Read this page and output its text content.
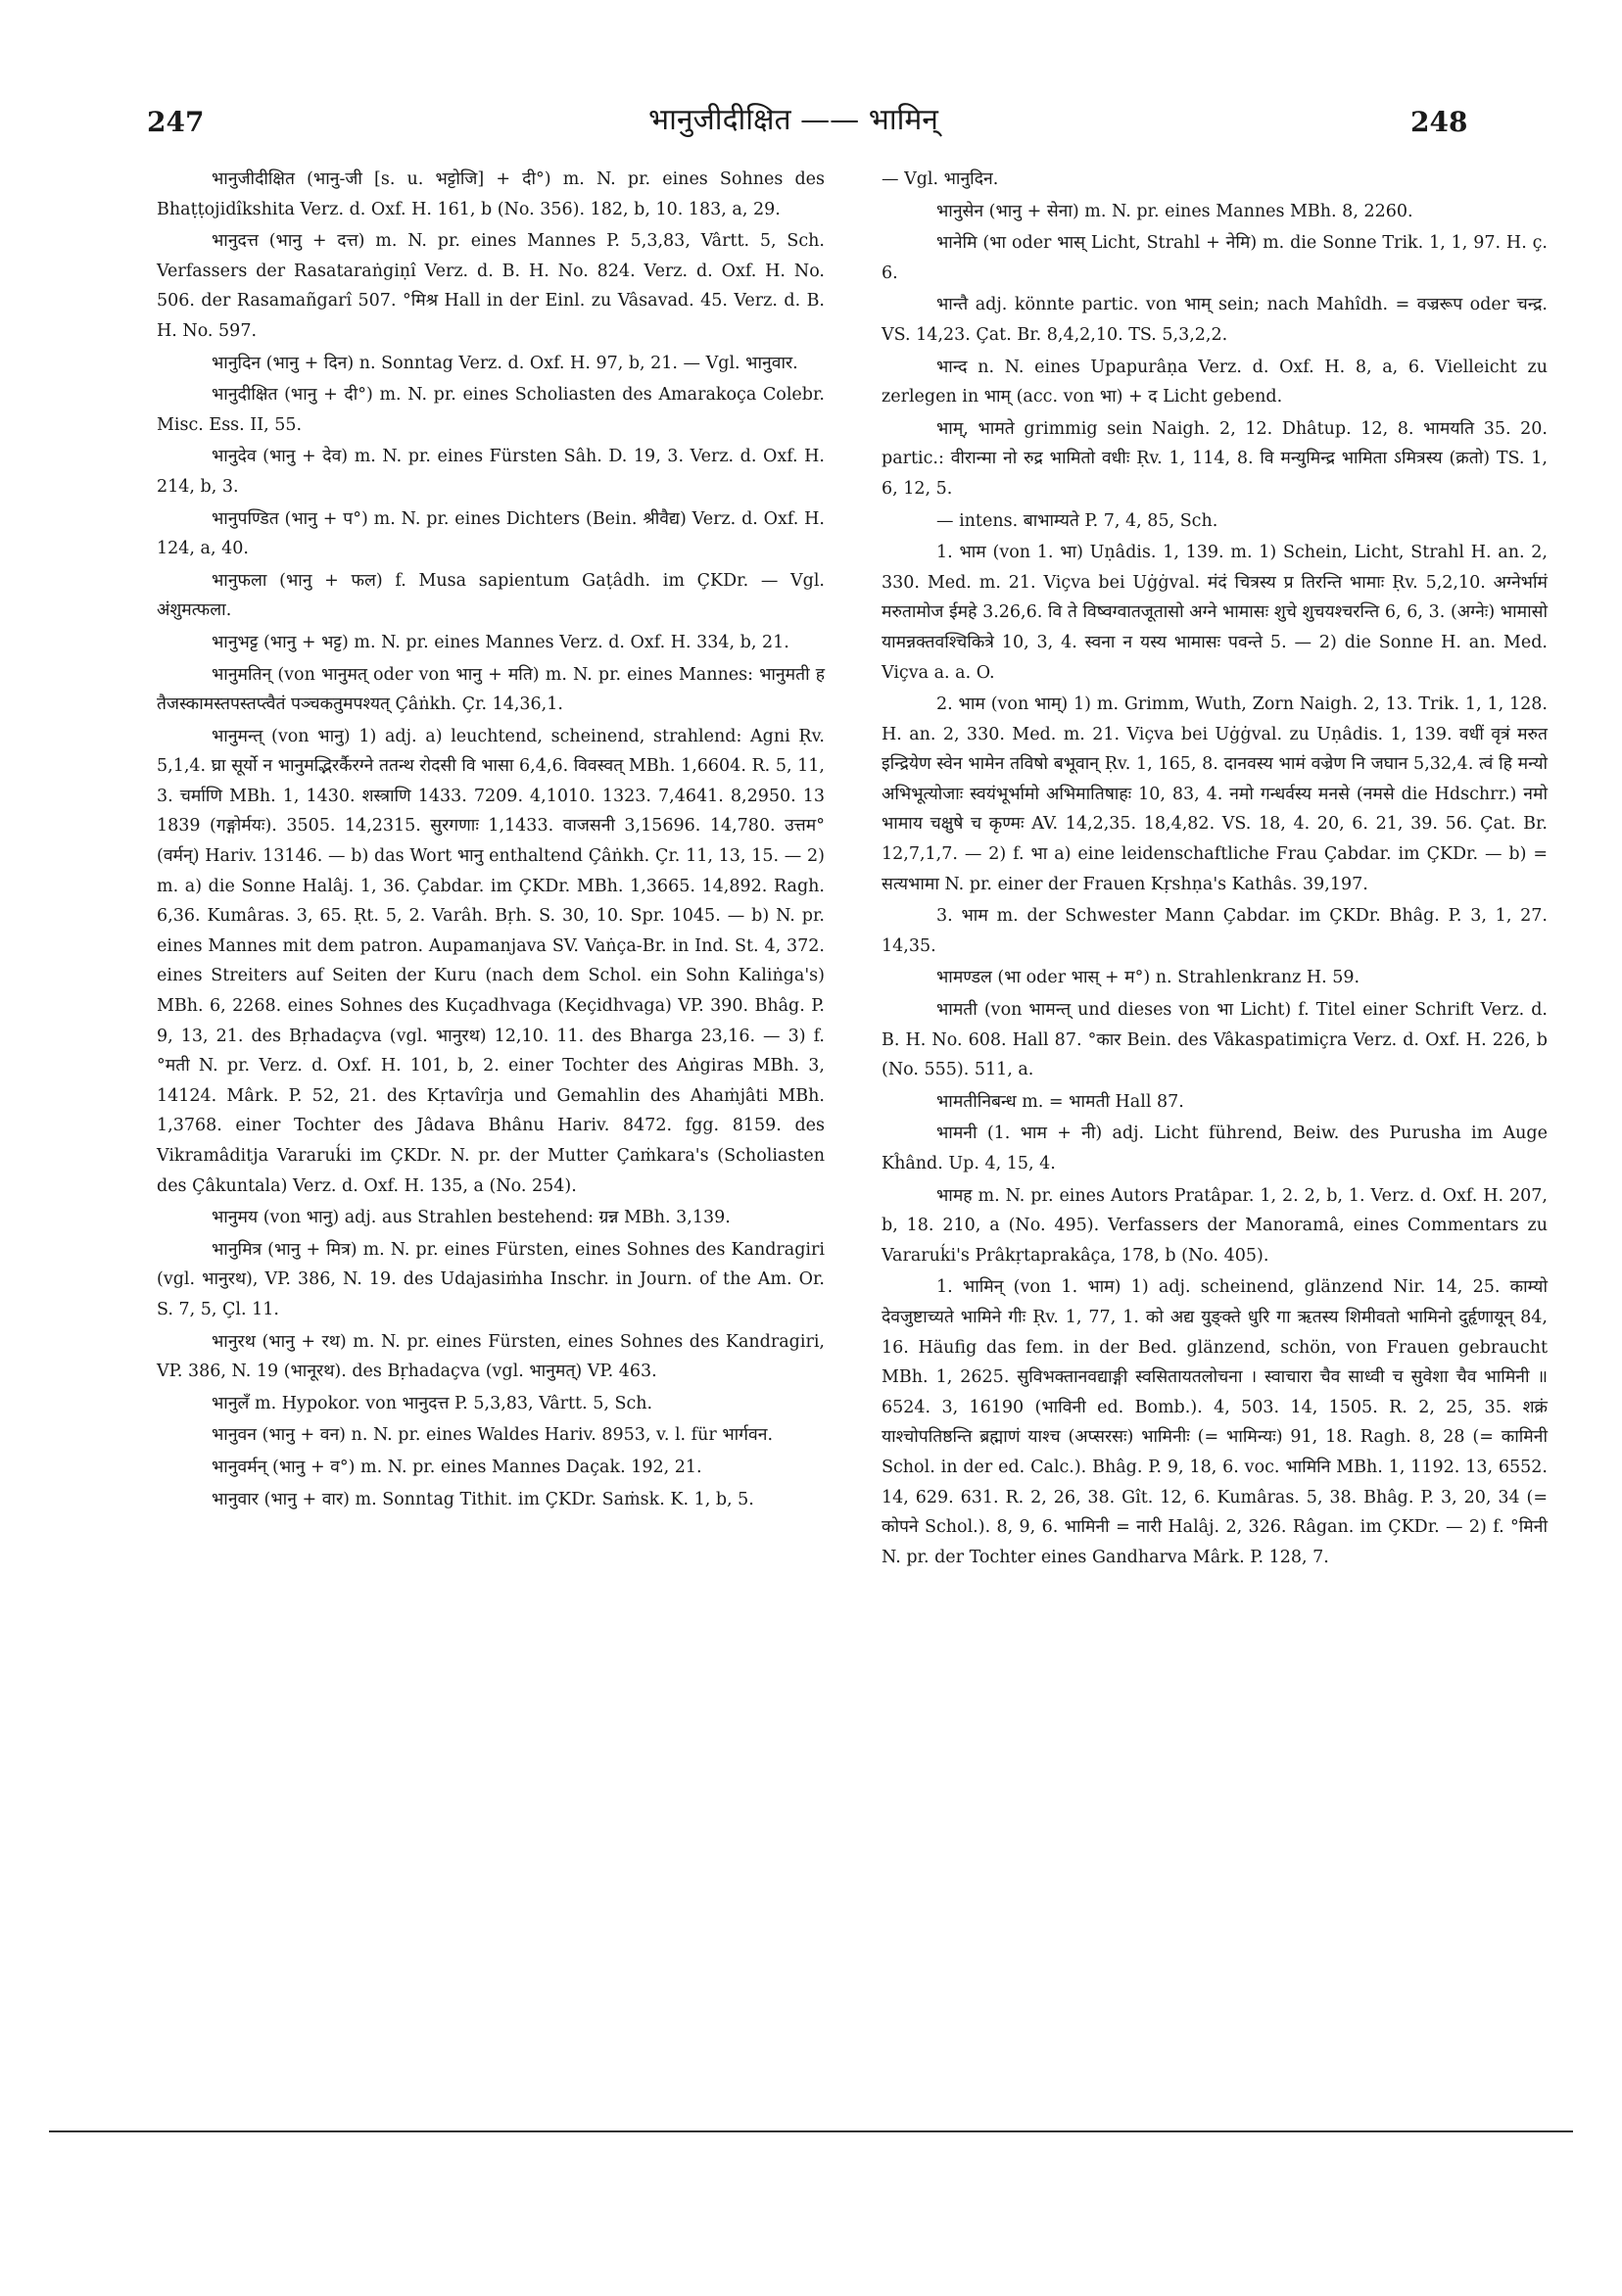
247	भानुजीदीक्षित —— भामिन्	248

भानुजीदीक्षित (भानु-जी [s. u. भट्टोजि] + दी°) m. N. pr. eines Sohnes des Bhaṭṭojidîkshita Verz. d. Oxf. H. 161, b (No. 356). 182, b, 10. 183, a, 29.

भानुदत्त (भानु + दत्त) m. N. pr. eines Mannes P. 5,3,83, Vârtt. 5, Sch. Verfassers der Rasataraṅgiṇî Verz. d. B. H. No. 824. Verz. d. Oxf. H. No. 506. der Rasamañgarî 507. °मिश्र Hall in der Einl. zu Vâsavad. 45. Verz. d. B. H. No. 597.

भानुदिन (भानु + दिन) n. Sonntag Verz. d. Oxf. H. 97, b, 21. — Vgl. भानुवार.

भानुदीक्षित (भानु + दी°) m. N. pr. eines Scholiasten des Amarakoça Colebr. Misc. Ess. II, 55.

भानुदेव (भानु + देव) m. N. pr. eines Fürsten Sâh. D. 19, 3. Verz. d. Oxf. H. 214, b, 3.

भानुपण्डित (भानु + प°) m. N. pr. eines Dichters (Bein. श्रीवैद्य) Verz. d. Oxf. H. 124, a, 40.

भानुफला (भानु + फल) f. Musa sapientum Gaṭâdh. im ÇKDr. — Vgl. अंशुमत्फला.

भानुभट्ट (भानु + भट्ट) m. N. pr. eines Mannes Verz. d. Oxf. H. 334, b, 21.

भानुमतिन् (von भानुमत् oder von भानु + मति) m. N. pr. eines Mannes: भानुमती ह तैजस्कामस्तपस्तप्त्वैतं पञ्चकतुमपश्यत् Çâṅkh. Çr. 14,36,1.

भानुमन्त् (von भानु) 1) adj. a) leuchtend, scheinend, strahlend: Agni Ṛv. 5,1,4. घ्रा सूर्यो न भानुमद्भिरर्कैरग्ने ततन्थ रोदसी वि भासा 6,4,6. विवस्वत् MBh. 1,6604. R. 5, 11, 3. चर्माणि MBh. 1, 1430. शस्त्राणि 1433. 7209. 4,1010. 1323. 7,4641. 8,2950. 13 1839 (गङ्गोर्मयः). 3505. 14,2315. सुरगणाः 1,1433. वाजसनी 3,15696. 14,780. उत्तम° (वर्मन्) Hariv. 13146. — b) das Wort भानु enthaltend Çâṅkh. Çr. 11, 13, 15. — 2) m. a) die Sonne Halâj. 1, 36. Çabdar. im ÇKDr. MBh. 1,3665. 14,892. Ragh. 6,36. Kumâras. 3, 65. Ṛt. 5, 2. Varâh. Bṛh. S. 30, 10. Spr. 1045. — b) N. pr. eines Mannes mit dem patron. Aupamanjava SV. Vaṅça-Br. in Ind. St. 4, 372. eines Streiters auf Seiten der Kuru (nach dem Schol. ein Sohn Kaliṅga's) MBh. 6, 2268. eines Sohnes des Kuçadhvaga (Keçidhvaga) VP. 390. Bhâg. P. 9, 13, 21. des Bṛhadaçva (vgl. भानुरथ) 12,10. 11. des Bharga 23,16. — 3) f. °मती N. pr. Verz. d. Oxf. H. 101, b, 2. einer Tochter des Aṅgiras MBh. 3, 14124. Mârk. P. 52, 21. des Kṛtavîrja und Gemahlin des Ahaṁjâti MBh. 1,3768. einer Tochter des Jâdava Bhânu Hariv. 8472. fgg. 8159. des Vikramâditja Vararuḱi im ÇKDr. N. pr. der Mutter Çaṁkara's (Scholiasten des Çâkuntala) Verz. d. Oxf. H. 135, a (No. 254).

भानुमय (von भानु) adj. aus Strahlen bestehend: ग्रन्न MBh. 3,139.

भानुमित्र (भानु + मित्र) m. N. pr. eines Fürsten, eines Sohnes des Kandragiri (vgl. भानुरथ), VP. 386, N. 19. des Udajasiṁha Inschr. in Journ. of the Am. Or. S. 7, 5, Çl. 11.

भानुरथ (भानु + रथ) m. N. pr. eines Fürsten, eines Sohnes des Kandragiri, VP. 386, N. 19 (भानूरथ). des Bṛhadaçva (vgl. भानुमत्) VP. 463.

भानुलँ m. Hypokor. von भानुदत्त P. 5,3,83, Vârtt. 5, Sch.

भानुवन (भानु + वन) n. N. pr. eines Waldes Hariv. 8953, v. l. für भार्गवन.

भानुवर्मन् (भानु + व°) m. N. pr. eines Mannes Daçak. 192, 21.

भानुवार (भानु + वार) m. Sonntag Tithit. im ÇKDr. Saṁsk. K. 1, b, 5.

— Vgl. भानुदिन.

भानुसेन (भानु + सेना) m. N. pr. eines Mannes MBh. 8, 2260.

भानेमि (भा oder भास् Licht, Strahl + नेमि) m. die Sonne Trik. 1, 1, 97. H. ç. 6.

भान्तै adj. könnte partic. von भाम् sein; nach Mahîdh. = वज्ररूप oder चन्द्र. VS. 14,23. Çat. Br. 8,4,2,10. TS. 5,3,2,2.

भान्द n. N. eines Upapurâṇa Verz. d. Oxf. H. 8, a, 6. Vielleicht zu zerlegen in भाम् (acc. von भा) + द Licht gebend.

भाम्, भामते grimmig sein Naigh. 2, 12. Dhâtup. 12, 8. भामयति 35. 20. partic.: वीरान्मा नो रुद्र भामितो वधीः Ṛv. 1, 114, 8. वि मन्युमिन्द्र भामिता ऽमित्रस्य (क्रतो) TS. 1, 6, 12, 5.

— intens. बाभाम्यते P. 7, 4, 85, Sch.

1. भाम (von 1. भा) Uṇâdis. 1, 139. m. 1) Schein, Licht, Strahl H. an. 2, 330. Med. m. 21. Viçva bei Uġġval. मंदं चित्रस्य प्र तिरन्ति भामाः Ṛv. 5,2,10. अग्नेर्भामं मरुतामोज ईमहे 3.26,6. वि ते विष्वग्वातजूतासो अग्ने भामासः शुचे शुचयश्चरन्ति 6, 6, 3. (अग्नेः) भामासो यामन्नक्तवश्चिकित्रे 10, 3, 4. स्वना न यस्य भामासः पवन्ते 5. — 2) die Sonne H. an. Med. Viçva a. a. O.

2. भाम (von भाम्) 1) m. Grimm, Wuth, Zorn Naigh. 2, 13. Trik. 1, 1, 128. H. an. 2, 330. Med. m. 21. Viçva bei Uġġval. zu Uṇâdis. 1, 139. वधीं वृत्रं मरुत इन्द्रियेण स्वेन भामेन तविषो बभूवान् Ṛv. 1, 165, 8. दानवस्य भामं वज्रेण नि जघान 5,32,4. त्वं हि मन्यो अभिभूत्योजाः स्वयंभूर्भामो अभिमातिषाहः 10, 83, 4. नमो गन्धर्वस्य मनसे (नमसे die Hdschrr.) नमो भामाय चक्षुषे च कृण्मः AV. 14,2,35. 18,4,82. VS. 18, 4. 20, 6. 21, 39. 56. Çat. Br. 12,7,1,7. — 2) f. भा a) eine leidenschaftliche Frau Çabdar. im ÇKDr. — b) = सत्यभामा N. pr. einer der Frauen Kṛshṇa's Kathâs. 39,197.

3. भाम m. der Schwester Mann Çabdar. im ÇKDr. Bhâg. P. 3, 1, 27. 14,35.

भामण्डल (भा oder भास् + म°) n. Strahlenkranz H. 59.

भामती (von भामन्त् und dieses von भा Licht) f. Titel einer Schrift Verz. d. B. H. No. 608. Hall 87. °कार Bein. des Vâkaspatimiçra Verz. d. Oxf. H. 226, b (No. 555). 511, a.

भामतीनिबन्ध m. = भामती Hall 87.

भामनी (1. भाम + नी) adj. Licht führend, Beiw. des Purusha im Auge Kĥând. Up. 4, 15, 4.

भामह m. N. pr. eines Autors Pratâpar. 1, 2. 2, b, 1. Verz. d. Oxf. H. 207, b, 18. 210, a (No. 495). Verfassers der Manoramâ, eines Commentars zu Vararuḱi's Prâkṛtaprakâça, 178, b (No. 405).

1. भामिन् (von 1. भाम) 1) adj. scheinend, glänzend Nir. 14, 25. काम्यो देवजुष्टाच्यते भामिने गीः Ṛv. 1, 77, 1. को अद्य युङ्क्ते धुरि गा ऋतस्य शिमीवतो भामिनो दुर्हृणायून् 84, 16. Häufig das fem. in der Bed. glänzend, schön, von Frauen gebraucht MBh. 1, 2625. सुविभक्तानवद्याङ्गी स्वसितायतलोचना । स्वाचारा चैव साध्वी च सुवेशा चैव भामिनी ॥ 6524. 3, 16190 (भाविनी ed. Bomb.). 4, 503. 14, 1505. R. 2, 25, 35. शक्रं याश्चोपतिष्ठन्ति ब्रह्माणं याश्च (अप्सरसः) भामिनीः (= भामिन्यः) 91, 18. Ragh. 8, 28 (= कामिनी Schol. in der ed. Calc.). Bhâg. P. 9, 18, 6. voc. भामिनि MBh. 1, 1192. 13, 6552. 14, 629. 631. R. 2, 26, 38. Gît. 12, 6. Kumâras. 5, 38. Bhâg. P. 3, 20, 34 (= कोपने Schol.). 8, 9, 6. भामिनी = नारी Halâj. 2, 326. Râgan. im ÇKDr. — 2) f. °मिनी N. pr. der Tochter eines Gandharva Mârk. P. 128, 7.
